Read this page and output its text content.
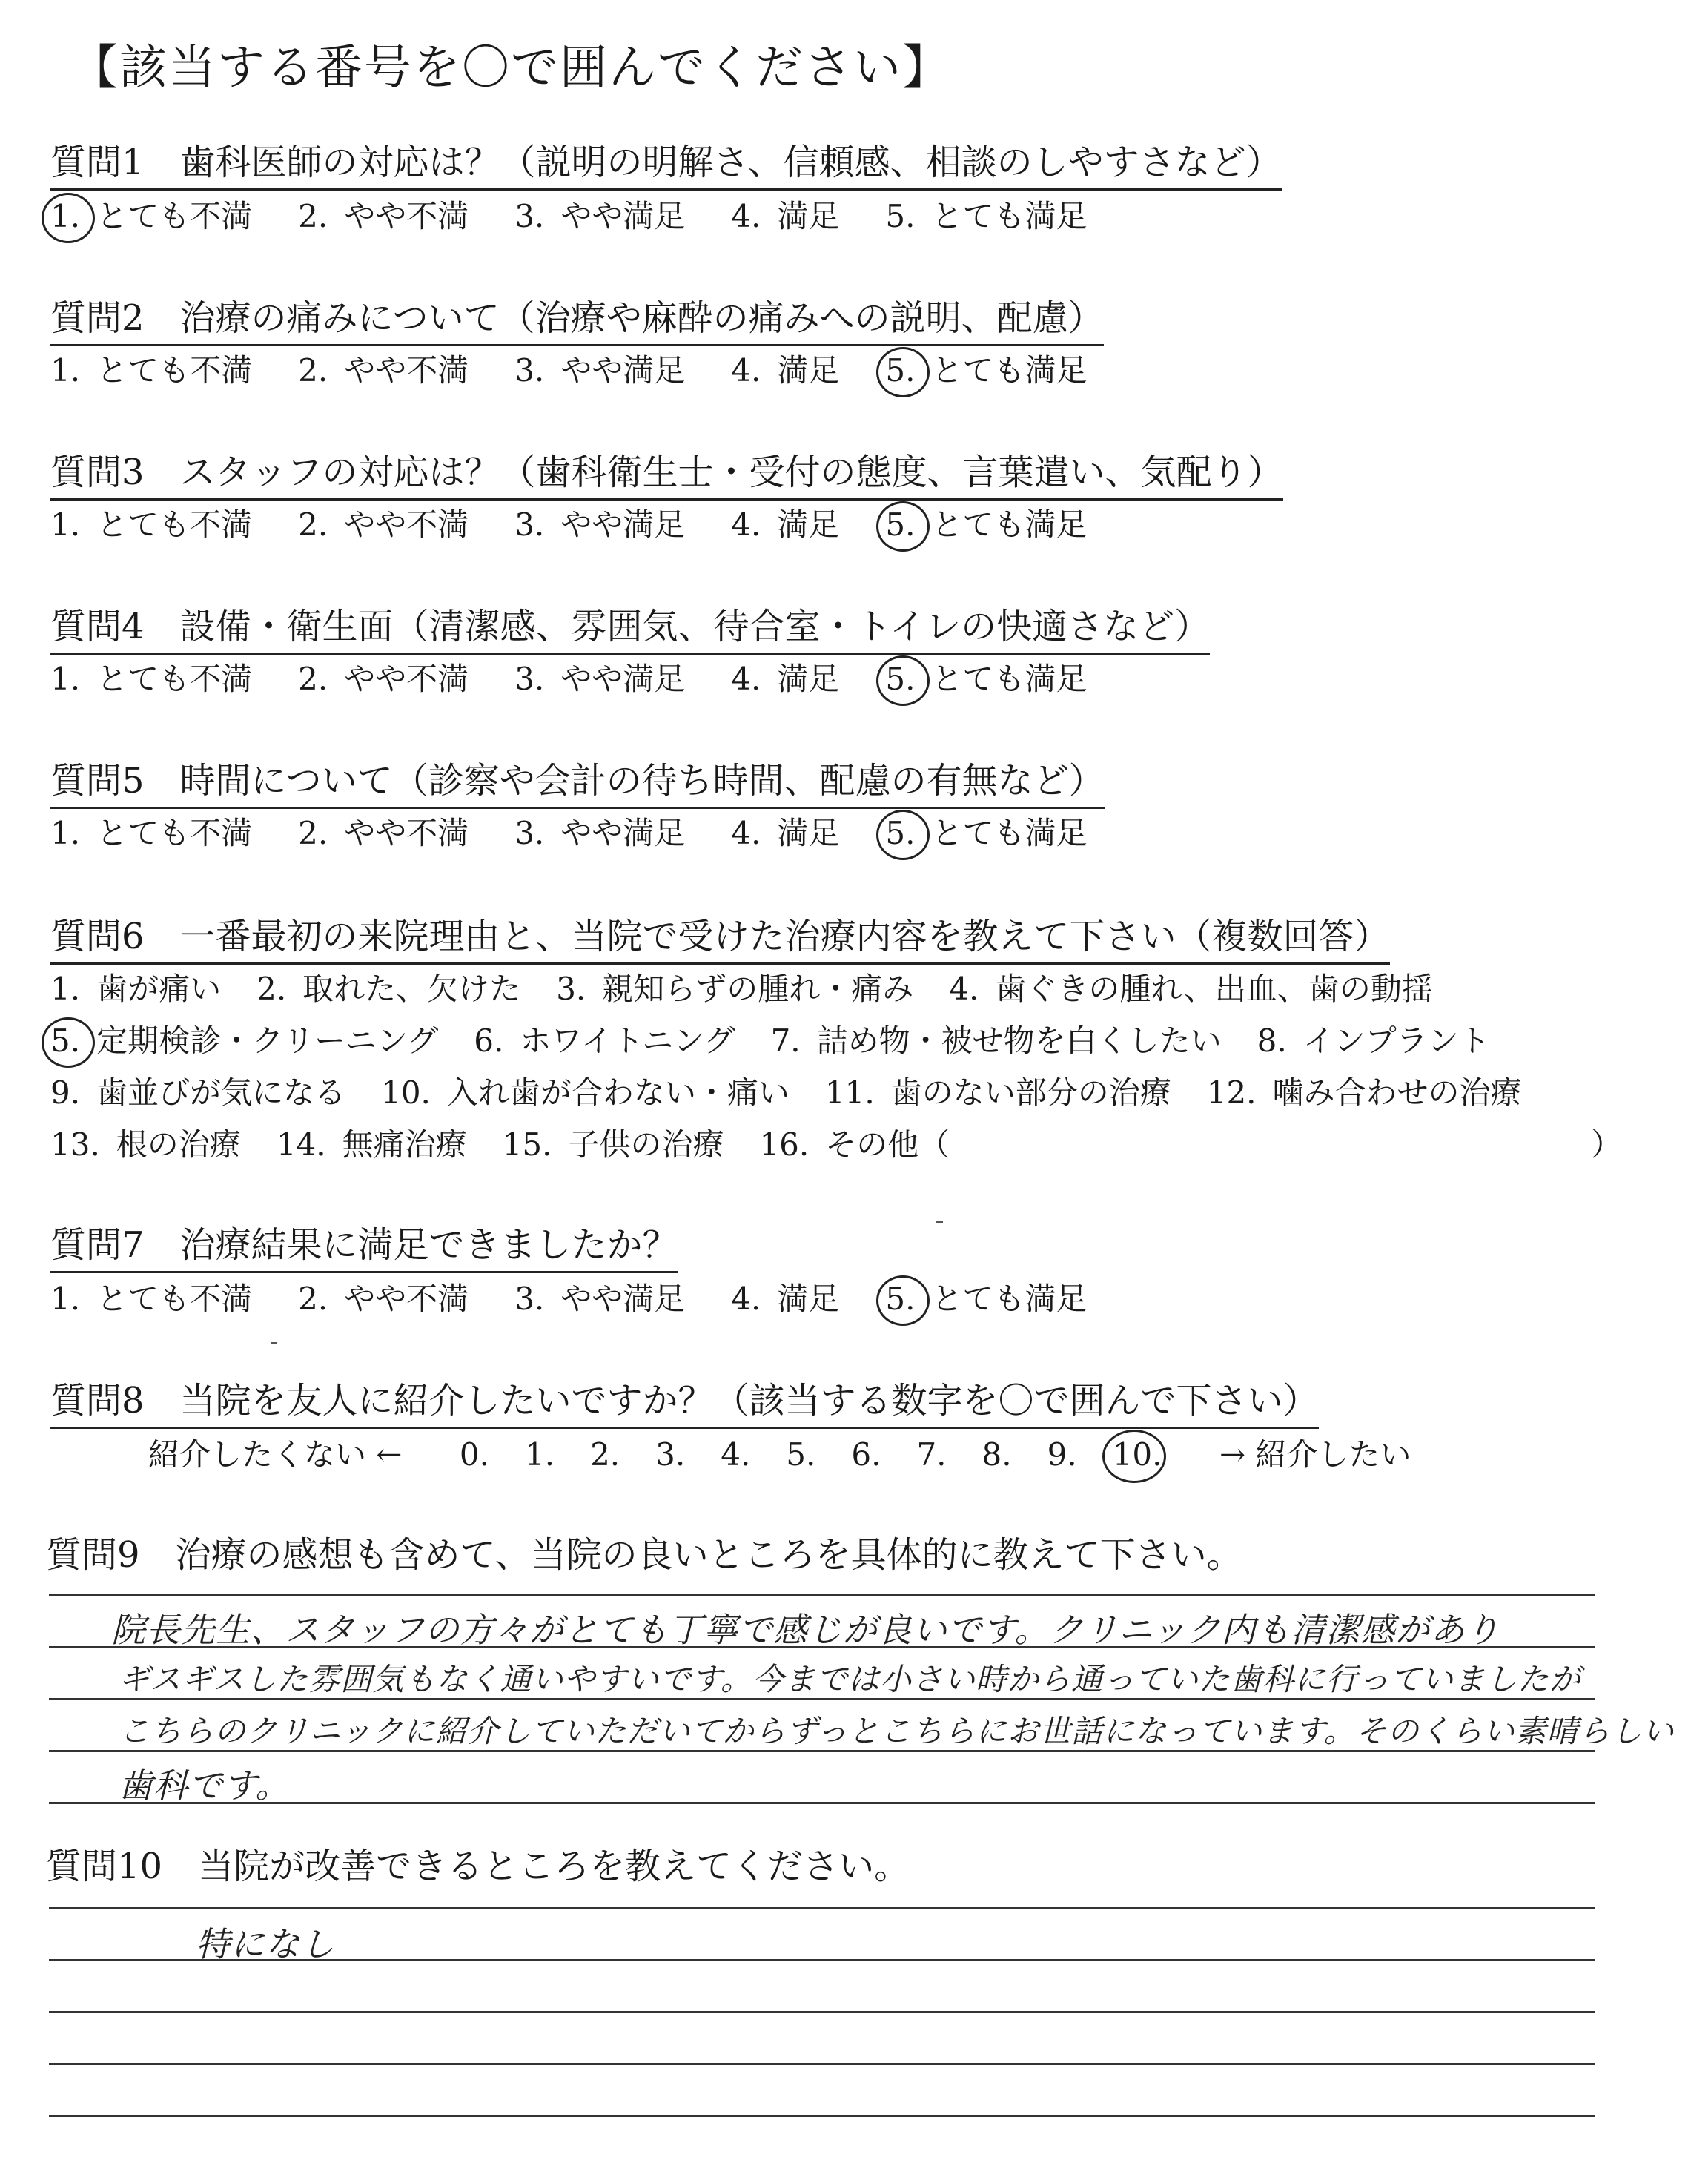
【該当する番号を〇で囲んでください】
質問1　歯科医師の対応は？（説明の明解さ、信頼感、相談のしやすさなど）
1. とても不満 2. やや不満 3. やや満足 4. 満足 5. とても満足
質問2　治療の痛みについて（治療や麻酔の痛みへの説明、配慮）
1. とても不満 2. やや不満 3. やや満足 4. 満足 5. とても満足
質問3　スタッフの対応は？（歯科衛生士・受付の態度、言葉遣い、気配り）
1. とても不満 2. やや不満 3. やや満足 4. 満足 5. とても満足
質問4　設備・衛生面（清潔感、雰囲気、待合室・トイレの快適さなど）
1. とても不満 2. やや不満 3. やや満足 4. 満足 5. とても満足
質問5　時間について（診察や会計の待ち時間、配慮の有無など）
1. とても不満 2. やや不満 3. やや満足 4. 満足 5. とても満足
質問6　一番最初の来院理由と、当院で受けた治療内容を教えて下さい（複数回答）
1. 歯が痛い 2. 取れた、欠けた 3. 親知らずの腫れ・痛み 4. 歯ぐきの腫れ、出血、歯の動揺
5. 定期検診・クリーニング 6. ホワイトニング 7. 詰め物・被せ物を白くしたい 8. インプラント
9. 歯並びが気になる 10. 入れ歯が合わない・痛い 11. 歯のない部分の治療 12. 噛み合わせの治療
13. 根の治療 14. 無痛治療 15. 子供の治療 16. その他（	）
質問7　治療結果に満足できましたか？
1. とても不満 2. やや不満 3. やや満足 4. 満足 5. とても満足
質問8　当院を友人に紹介したいですか？（該当する数字を〇で囲んで下さい）
紹介したくない ← 0. 1. 2. 3. 4. 5. 6. 7. 8. 9. 10. → 紹介したい
質問9　治療の感想も含めて、当院の良いところを具体的に教えて下さい。
院長先生、スタッフの方々がとても丁寧で感じが良いです。クリニック内も清潔感があり
ギスギスした雰囲気もなく通いやすいです。今までは小さい時から通っていた歯科に行っていましたが
こちらのクリニックに紹介していただいてからずっとこちらにお世話になっています。そのくらい素晴らしい
歯科です。
質問10　当院が改善できるところを教えてください。
特になし
